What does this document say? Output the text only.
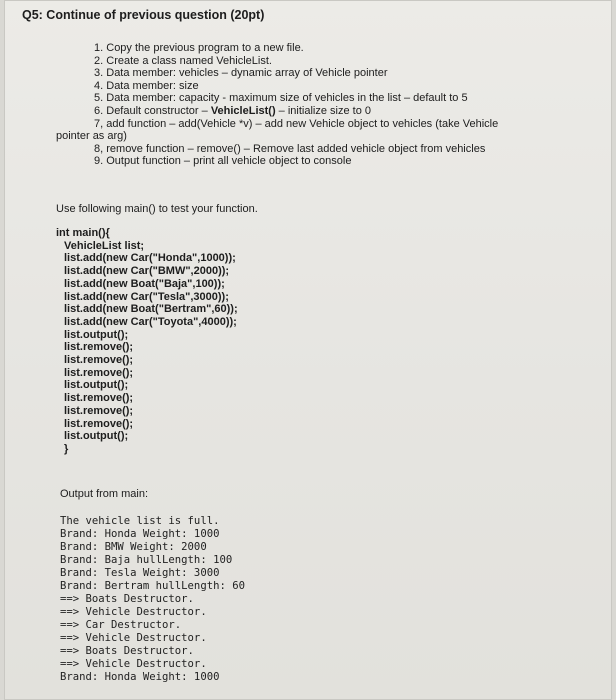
Q5: Continue of previous question (20pt)
1. Copy the previous program to a new file.
2. Create a class named VehicleList.
3. Data member: vehicles – dynamic array of Vehicle pointer
4. Data member: size
5. Data member: capacity - maximum size of vehicles in the list – default to 5
6. Default constructor – VehicleList() – initialize size to 0
7, add function – add(Vehicle *v) – add new Vehicle object to vehicles (take Vehicle
pointer as arg)
8, remove function – remove() – Remove last added vehicle object from vehicles
9. Output function – print all vehicle object to console
Use following main() to test your function.
int main(){
VehicleList list;
list.add(new Car("Honda",1000));
list.add(new Car("BMW",2000));
list.add(new Boat("Baja",100));
list.add(new Car("Tesla",3000));
list.add(new Boat("Bertram",60));
list.add(new Car("Toyota",4000));
list.output();
list.remove();
list.remove();
list.remove();
list.output();
list.remove();
list.remove();
list.remove();
list.output();
}
Output from main:
The vehicle list is full.
Brand: Honda Weight: 1000
Brand: BMW Weight: 2000
Brand: Baja hullLength: 100
Brand: Tesla Weight: 3000
Brand: Bertram hullLength: 60
==> Boats Destructor.
==> Vehicle Destructor.
==> Car Destructor.
==> Vehicle Destructor.
==> Boats Destructor.
==> Vehicle Destructor.
Brand: Honda Weight: 1000
